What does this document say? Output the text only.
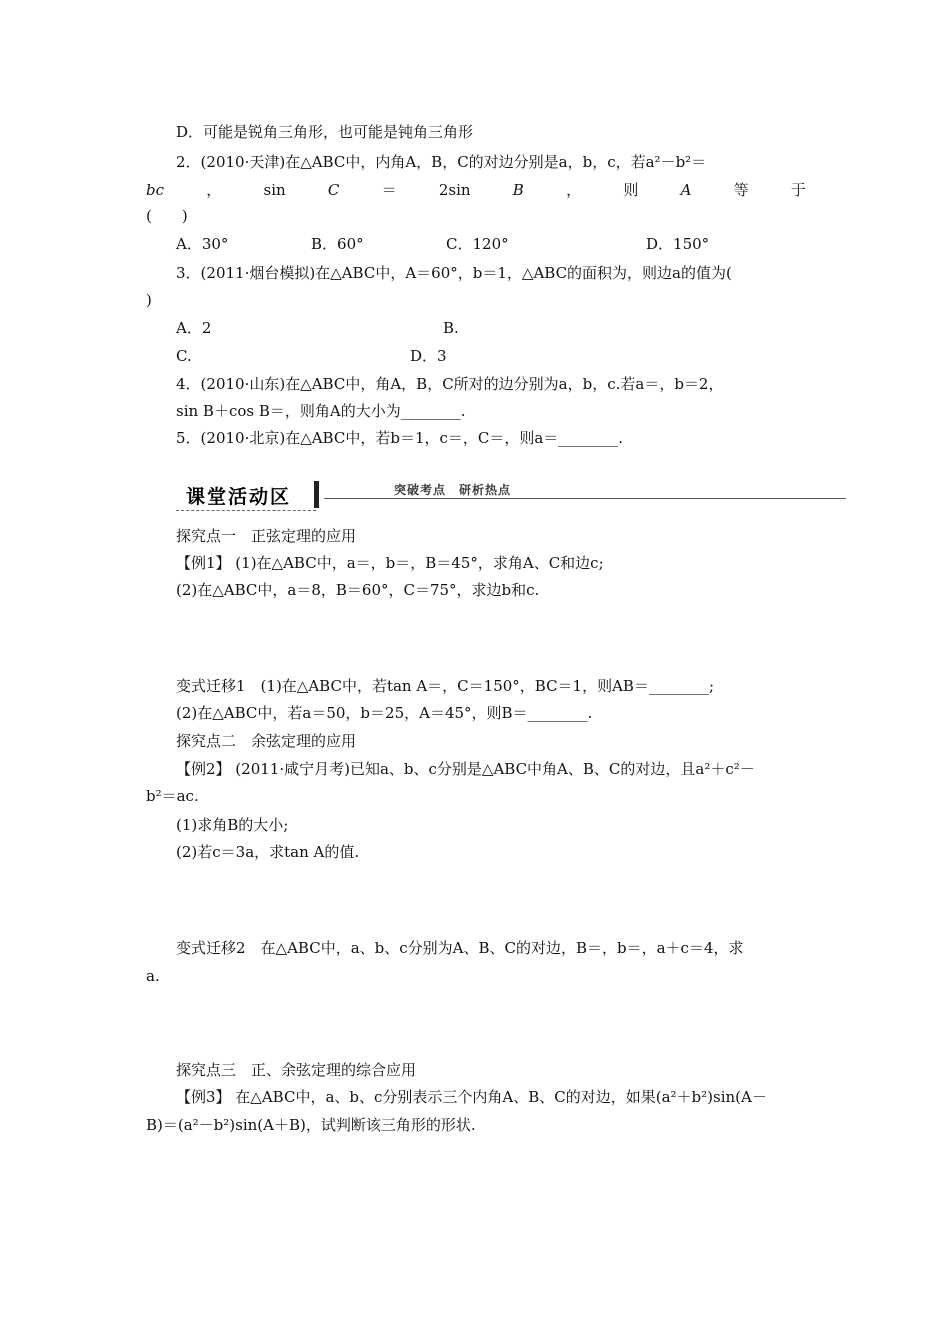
D．可能是锐角三角形，也可能是钝角三角形
2．(2010·天津)在△ABC中，内角A，B，C的对边分别是a，b，c，若a²－b²＝
bc	，	sin	C	＝	2sin	B	，	则	A	等	于
(　　)
A．30°	B．60°	C．120°	D．150°
3．(2011·烟台模拟)在△ABC中，A＝60°，b＝1，△ABC的面积为，则边a的值为(
)
A．2	B.
C.	D．3
4．(2010·山东)在△ABC中，角A，B，C所对的边分别为a，b，c.若a＝，b＝2，
sin B＋cos B＝，则角A的大小为________.
5．(2010·北京)在△ABC中，若b＝1，c＝，C＝，则a＝________.
课堂活动区	突破考点　研析热点
探究点一　正弦定理的应用
【例1】 (1)在△ABC中，a＝，b＝，B＝45°，求角A、C和边c;
(2)在△ABC中，a＝8，B＝60°，C＝75°，求边b和c.
变式迁移1　(1)在△ABC中，若tan A＝，C＝150°，BC＝1，则AB＝________;
(2)在△ABC中，若a＝50，b＝25，A＝45°，则B＝________.
探究点二　余弦定理的应用
【例2】 (2011·咸宁月考)已知a、b、c分别是△ABC中角A、B、C的对边，且a²＋c²－
b²＝ac.
(1)求角B的大小;
(2)若c＝3a，求tan A的值.
变式迁移2　在△ABC中，a、b、c分别为A、B、C的对边，B＝，b＝，a＋c＝4，求
a.
探究点三　正、余弦定理的综合应用
【例3】 在△ABC中，a、b、c分别表示三个内角A、B、C的对边，如果(a²＋b²)sin(A－
B)＝(a²－b²)sin(A＋B)，试判断该三角形的形状.
